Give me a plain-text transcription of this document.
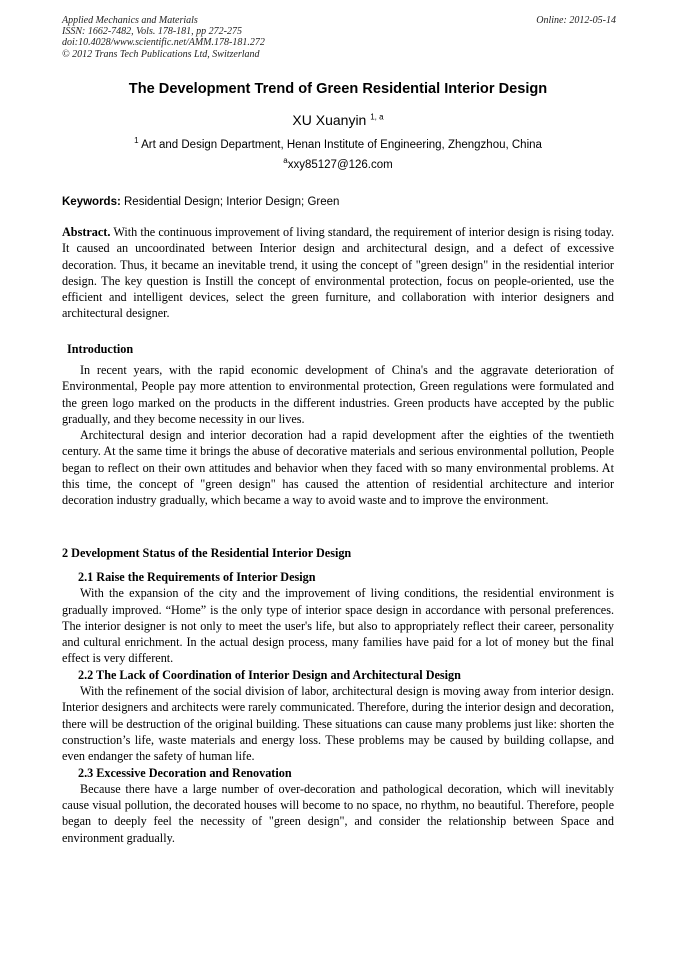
Applied Mechanics and Materials
ISSN: 1662-7482, Vols. 178-181, pp 272-275
doi:10.4028/www.scientific.net/AMM.178-181.272
© 2012 Trans Tech Publications Ltd, Switzerland
Online: 2012-05-14
The Development Trend of Green Residential Interior Design
XU Xuanyin $^{1, a}$
$^1$ Art and Design Department, Henan Institute of Engineering, Zhengzhou, China
$^a$xxy85127@126.com
Keywords: Residential Design; Interior Design; Green

Abstract. With the continuous improvement of living standard, the requirement of interior design is rising today. It caused an uncoordinated between Interior design and architectural design, and a defect of excessive decoration. Thus, it became an inevitable trend, it using the concept of "green design" in the residential interior design. The key question is Instill the concept of environmental protection, focus on people-oriented, use the efficient and intelligent devices, select the green furniture, and collaboration with interior designers and architectural designer.

Introduction

In recent years, with the rapid economic development of China's and the aggravate deterioration of Environmental, People pay more attention to environmental protection, Green regulations were formulated and the green logo marked on the products in the different industries. Green products have accepted by the public gradually, and they become necessity in our lives.

Architectural design and interior decoration had a rapid development after the eighties of the twentieth century. At the same time it brings the abuse of decorative materials and serious environmental pollution, People began to reflect on their own attitudes and behavior when they faced with so many environmental problems. At this time, the concept of "green design" has caused the attention of residential architecture and interior decoration industry gradually, which became a way to avoid waste and to improve the environment.

2 Development Status of the Residential Interior Design
2.1 Raise the Requirements of Interior Design

With the expansion of the city and the improvement of living conditions, the residential environment is gradually improved. “Home” is the only type of interior space design in accordance with personal preferences. The interior designer is not only to meet the user's life, but also to appropriately reflect their career, personality and cultural enrichment. In the actual design process, many families have paid for a lot of money but the final effect is very different.

2.2 The Lack of Coordination of Interior Design and Architectural Design

With the refinement of the social division of labor, architectural design is moving away from interior design. Interior designers and architects were rarely communicated. Therefore, during the interior design and decoration, there will be destruction of the original building. These situations can cause many problems just like: shorten the construction’s life, waste materials and energy loss. These problems may be caused by building collapse, and even endanger the safety of human life.

2.3 Excessive Decoration and Renovation

Because there have a large number of over-decoration and pathological decoration, which will inevitably cause visual pollution, the decorated houses will become to no space, no rhythm, no beautiful. Therefore, people began to deeply feel the necessity of "green design", and consider the relationship between Space and environment gradually.
